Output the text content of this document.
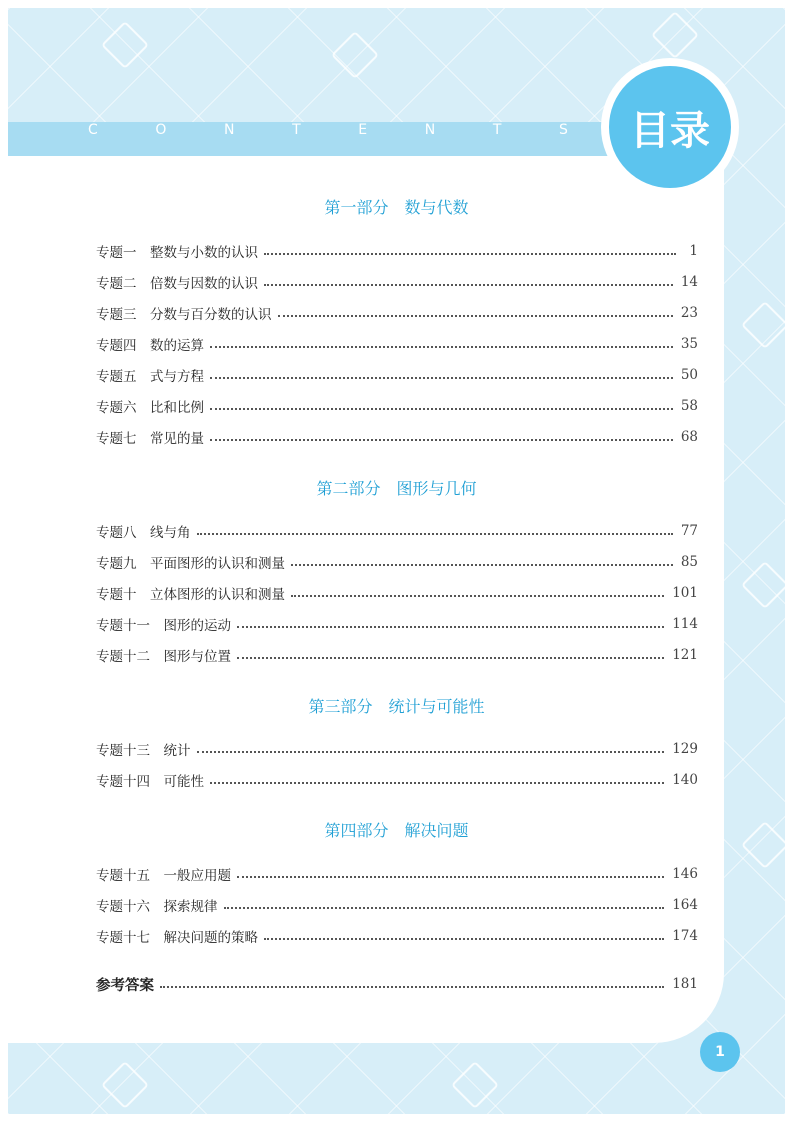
C	O	N	T	E	N	T	S	目录
第一部分　数与代数
专题一　整数与小数的认识	1
专题二　倍数与因数的认识	14
专题三　分数与百分数的认识	23
专题四　数的运算	35
专题五　式与方程	50
专题六　比和比例	58
专题七　常见的量	68
第二部分　图形与几何
专题八　线与角	77
专题九　平面图形的认识和测量	85
专题十　立体图形的认识和测量	101
专题十一　图形的运动	114
专题十二　图形与位置	121
第三部分　统计与可能性
专题十三　统计	129
专题十四　可能性	140
第四部分　解决问题
专题十五　一般应用题	146
专题十六　探索规律	164
专题十七　解决问题的策略	174
参考答案	181
1
